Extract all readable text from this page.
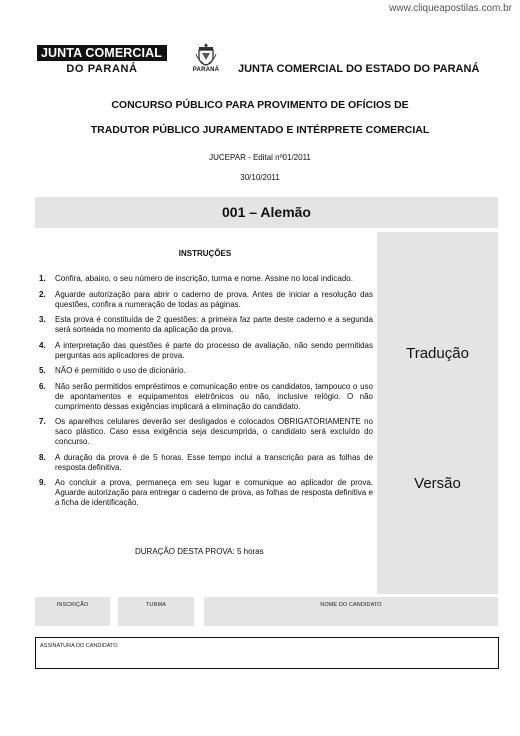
www.cliqueapostilas.com.br
JUNTA COMERCIAL
DO PARANÁ	PARANÁ	JUNTA COMERCIAL DO ESTADO DO PARANÁ
CONCURSO PÚBLICO PARA PROVIMENTO DE OFÍCIOS DE
TRADUTOR PÚBLICO JURAMENTADO E INTÉRPRETE COMERCIAL
JUCEPAR - Edital nº01/2011
30/10/2011
001 – Alemão
Tradução
Versão
INSTRUÇÕES
1.	Confira, abaixo, o seu número de inscrição, turma e nome. Assine no local indicado.
2.	Aguarde autorização para abrir o caderno de prova. Antes de iniciar a resolução das questões, confira a numeração de todas as páginas.
3.	Esta prova é constituída de 2 questões: a primeira faz parte deste caderno e a segunda será sorteada no momento da aplicação da prova.
4.	A interpretação das questões é parte do processo de avaliação, não sendo permitidas perguntas aos aplicadores de prova.
5.	NÃO é permitido o uso de dicionário.
6.	Não serão permitidos empréstimos e comunicação entre os candidatos, tampouco o uso de apontamentos e equipamentos eletrônicos ou não, inclusive relógio. O não cumprimento dessas exigências implicará a eliminação do candidato.
7.	Os aparelhos celulares deverão ser desligados e colocados OBRIGATORIAMENTE no saco plástico. Caso essa exigência seja descumprida, o candidato será excluído do concurso.
8.	A duração da prova é de 5 horas. Esse tempo inclui a transcrição para as folhas de resposta definitiva.
9.	Ao concluir a prova, permaneça em seu lugar e comunique ao aplicador de prova. Aguarde autorização para entregar o caderno de prova, as folhas de resposta definitiva e a ficha de identificação.
DURAÇÃO DESTA PROVA: 5 horas
INSCRIÇÃO	TURMA	NOME DO CANDIDATO
ASSINATURA DO CANDIDATO
